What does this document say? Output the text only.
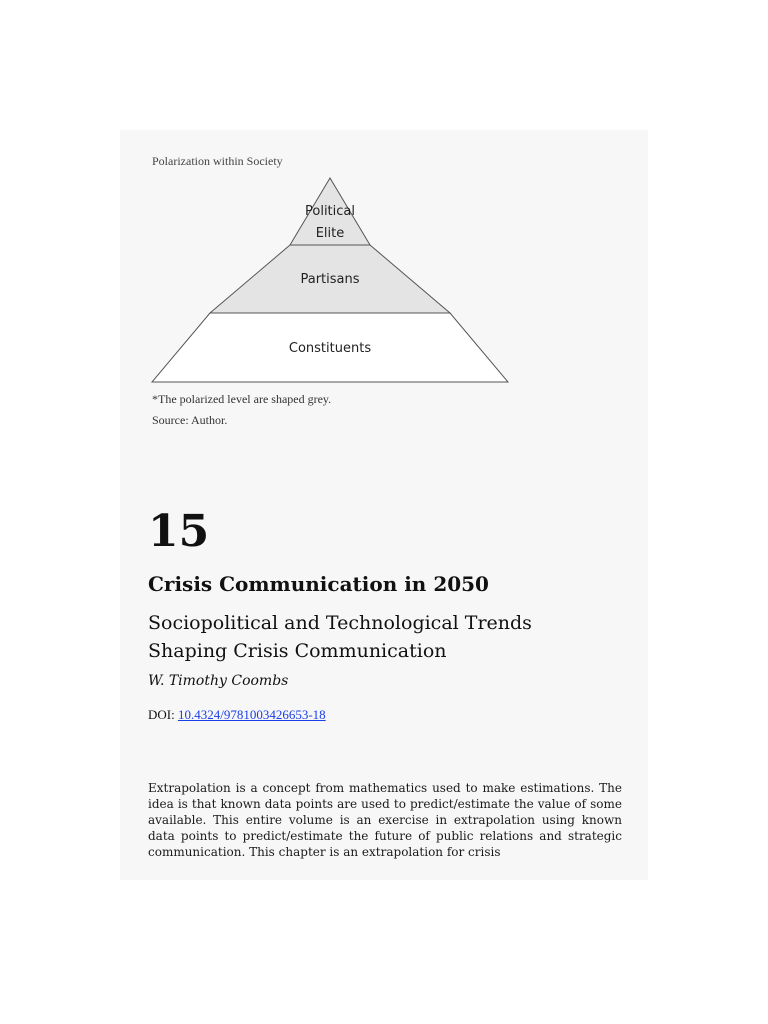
Polarization within Society
Political
Elite
Partisans
Constituents
*The polarized level are shaped grey.
Source: Author.
15
Crisis Communication in 2050
Sociopolitical and Technological Trends
Shaping Crisis Communication
W. Timothy Coombs
DOI: 10.4324/9781003426653-18
Extrapolation is a concept from mathematics used to make estimations. The idea is that known data points are used to predict/estimate the value of some available. This entire volume is an exercise in extrapolation using known data points to predict/estimate the future of public relations and strategic communication. This chapter is an extrapolation for crisis
